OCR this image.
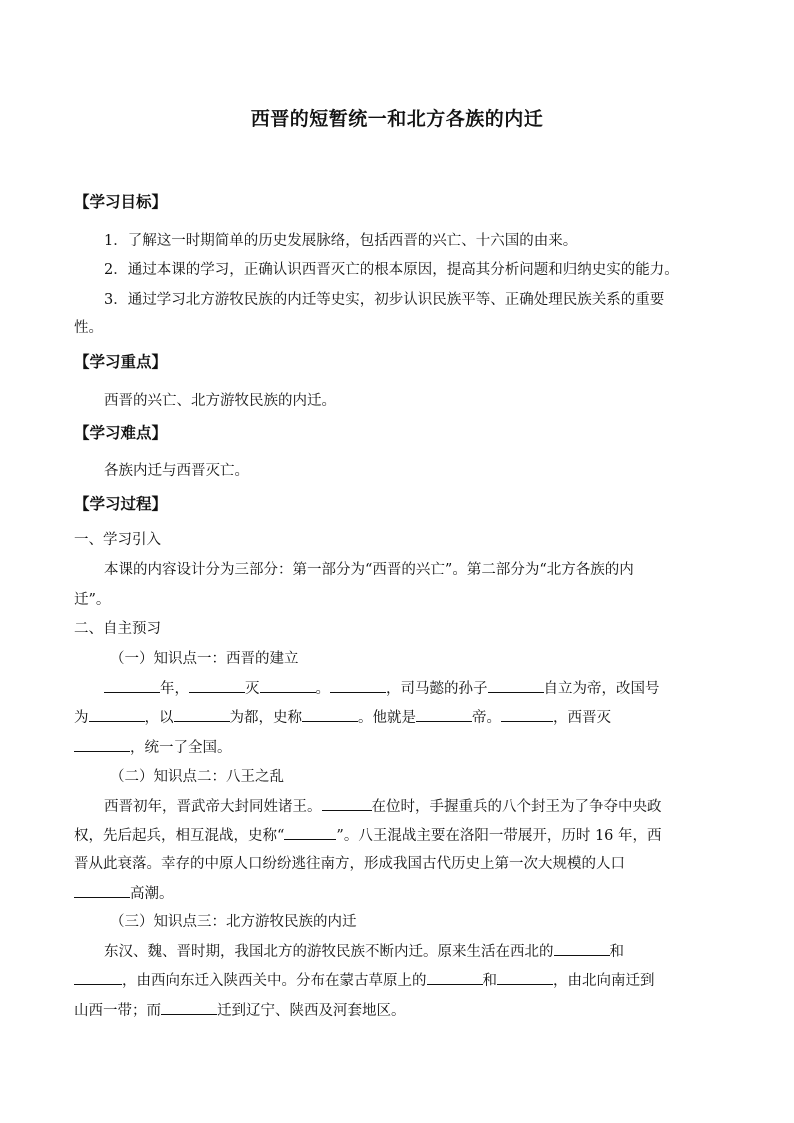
西晋的短暂统一和北方各族的内迁
【学习目标】
1．了解这一时期简单的历史发展脉络，包括西晋的兴亡、十六国的由来。
2．通过本课的学习，正确认识西晋灭亡的根本原因，提高其分析问题和归纳史实的能力。
3．通过学习北方游牧民族的内迁等史实，初步认识民族平等、正确处理民族关系的重要
性。
【学习重点】
西晋的兴亡、北方游牧民族的内迁。
【学习难点】
各族内迁与西晋灭亡。
【学习过程】
一、学习引入
本课的内容设计分为三部分：第一部分为“西晋的兴亡”。第二部分为“北方各族的内
迁”。
二、自主预习
（一）知识点一：西晋的建立
年，	灭	。	，司马懿的孙子	自立为帝，改国号
为	，以	为都，史称	。他就是	帝。	，西晋灭
，统一了全国。
（二）知识点二：八王之乱
西晋初年，晋武帝大封同姓诸王。	在位时，手握重兵的八个封王为了争夺中央政
权，先后起兵，相互混战，史称“	”。八王混战主要在洛阳一带展开，历时 16 年，西
晋从此衰落。幸存的中原人口纷纷逃往南方，形成我国古代历史上第一次大规模的人口
高潮。
（三）知识点三：北方游牧民族的内迁
东汉、魏、晋时期，我国北方的游牧民族不断内迁。原来生活在西北的	和
，由西向东迁入陕西关中。分布在蒙古草原上的	和	，由北向南迁到
山西一带；而	迁到辽宁、陕西及河套地区。
